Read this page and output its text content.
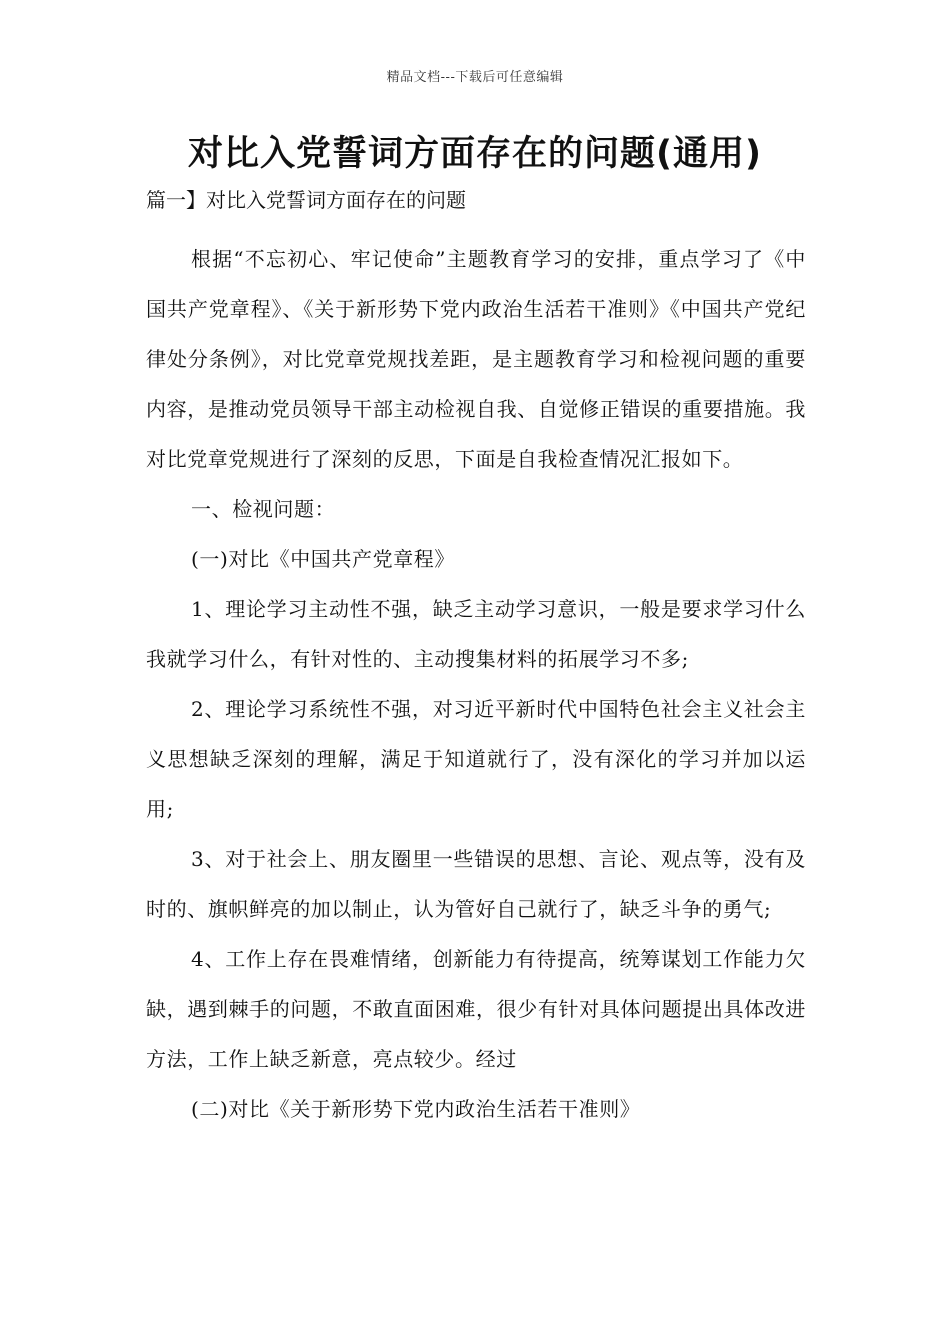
精品文档---下载后可任意编辑
对比入党誓词方面存在的问题(通用)
篇一】对比入党誓词方面存在的问题

根据“不忘初心、牢记使命”主题教育学习的安排，重点学习了《中国共产党章程》、《关于新形势下党内政治生活若干准则》《中国共产党纪律处分条例》，对比党章党规找差距，是主题教育学习和检视问题的重要内容，是推动党员领导干部主动检视自我、自觉修正错误的重要措施。我对比党章党规进行了深刻的反思，下面是自我检查情况汇报如下。

一、检视问题：

(一)对比《中国共产党章程》

1、理论学习主动性不强，缺乏主动学习意识，一般是要求学习什么我就学习什么，有针对性的、主动搜集材料的拓展学习不多;

2、理论学习系统性不强，对习近平新时代中国特色社会主义社会主义思想缺乏深刻的理解，满足于知道就行了，没有深化的学习并加以运用;

3、对于社会上、朋友圈里一些错误的思想、言论、观点等，没有及时的、旗帜鲜亮的加以制止，认为管好自己就行了，缺乏斗争的勇气;

4、工作上存在畏难情绪，创新能力有待提高，统筹谋划工作能力欠缺，遇到棘手的问题，不敢直面困难，很少有针对具体问题提出具体改进方法，工作上缺乏新意，亮点较少。经过

(二)对比《关于新形势下党内政治生活若干准则》
